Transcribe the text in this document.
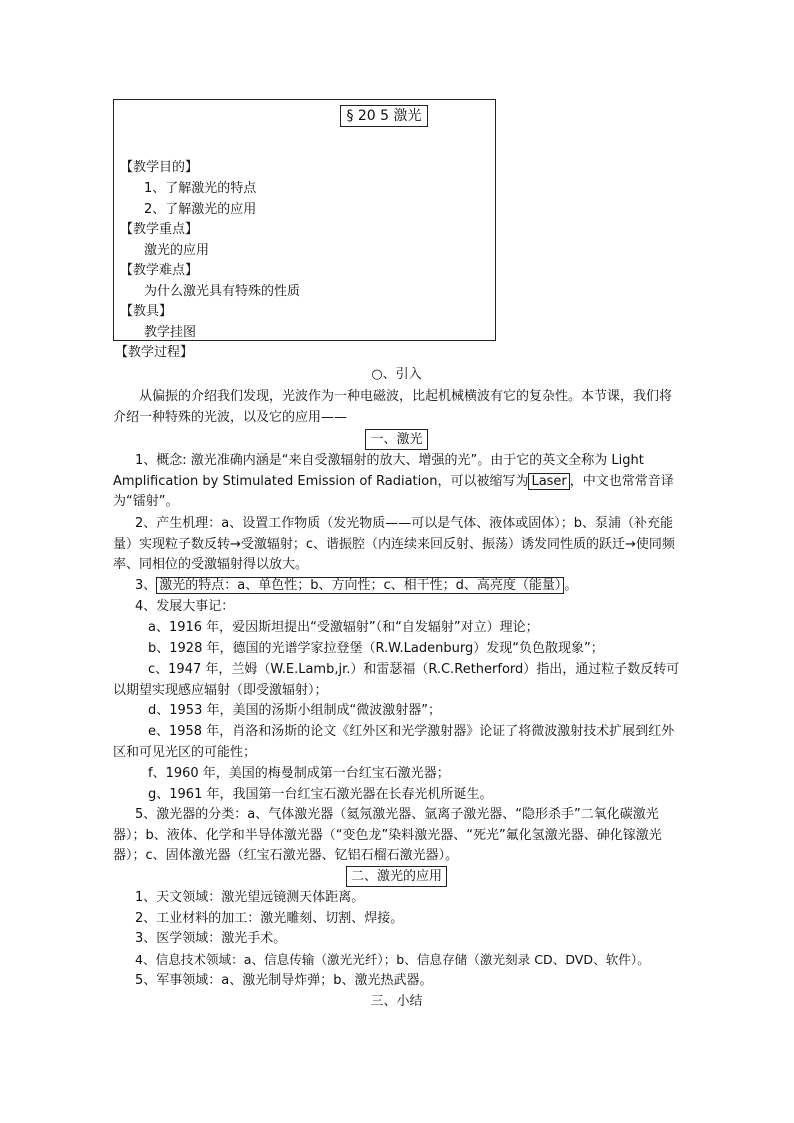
§ 20 5 激光
【教学目的】
1、了解激光的特点
2、了解激光的应用
【教学重点】
激光的应用
【教学难点】
为什么激光具有特殊的性质
【教具】
教学挂图
【教学过程】
○、引入
从偏振的介绍我们发现，光波作为一种电磁波，比起机械横波有它的复杂性。本节课，我们将介绍一种特殊的光波，以及它的应用——
一、激光
1、概念: 激光准确内涵是“来自受激辐射的放大、增强的光”。由于它的英文全称为 Light Amplification by Stimulated Emission of Radiation，可以被缩写为 Laser ，中文也常常音译为“镭射”。
2、产生机理：a、设置工作物质（发光物质——可以是气体、液体或固体）；b、泵浦（补充能量）实现粒子数反转→受激辐射；c、谐振腔（内连续来回反射、振荡）诱发同性质的跃迁→使同频率、同相位的受激辐射得以放大。
3、 激光的特点：a、单色性；b、方向性；c、相干性；d、高亮度（能量） 。
4、发展大事记：
a、1916 年，爱因斯坦提出“受激辐射”（和“自发辐射”对立）理论；
b、1928 年，德国的光谱学家拉登堡（R.W.Ladenburg）发现“负色散现象”；
c、1947 年，兰姆（W.E.Lamb,jr.）和雷瑟福（R.C.Retherford）指出，通过粒子数反转可以期望实现感应辐射（即受激辐射）；
d、1953 年，美国的汤斯小组制成“微波激射器”；
e、1958 年，肖洛和汤斯的论文《红外区和光学激射器》论证了将微波激射技术扩展到红外区和可见光区的可能性；
f、1960 年，美国的梅曼制成第一台红宝石激光器；
g、1961 年，我国第一台红宝石激光器在长春光机所诞生。
5、激光器的分类：a、气体激光器（氦氖激光器、氩离子激光器、“隐形杀手”二氧化碳激光器）；b、液体、化学和半导体激光器（“变色龙”染料激光器、“死光”氟化氢激光器、砷化镓激光器）；c、固体激光器（红宝石激光器、钇铝石榴石激光器）。
二、激光的应用
1、天文领域：激光望远镜测天体距离。
2、工业材料的加工：激光雕刻、切割、焊接。
3、医学领域：激光手术。
4、信息技术领域：a、信息传输（激光光纤）；b、信息存储（激光刻录 CD、DVD、软件）。
5、军事领域：a、激光制导炸弹；b、激光热武器。
三、小结
